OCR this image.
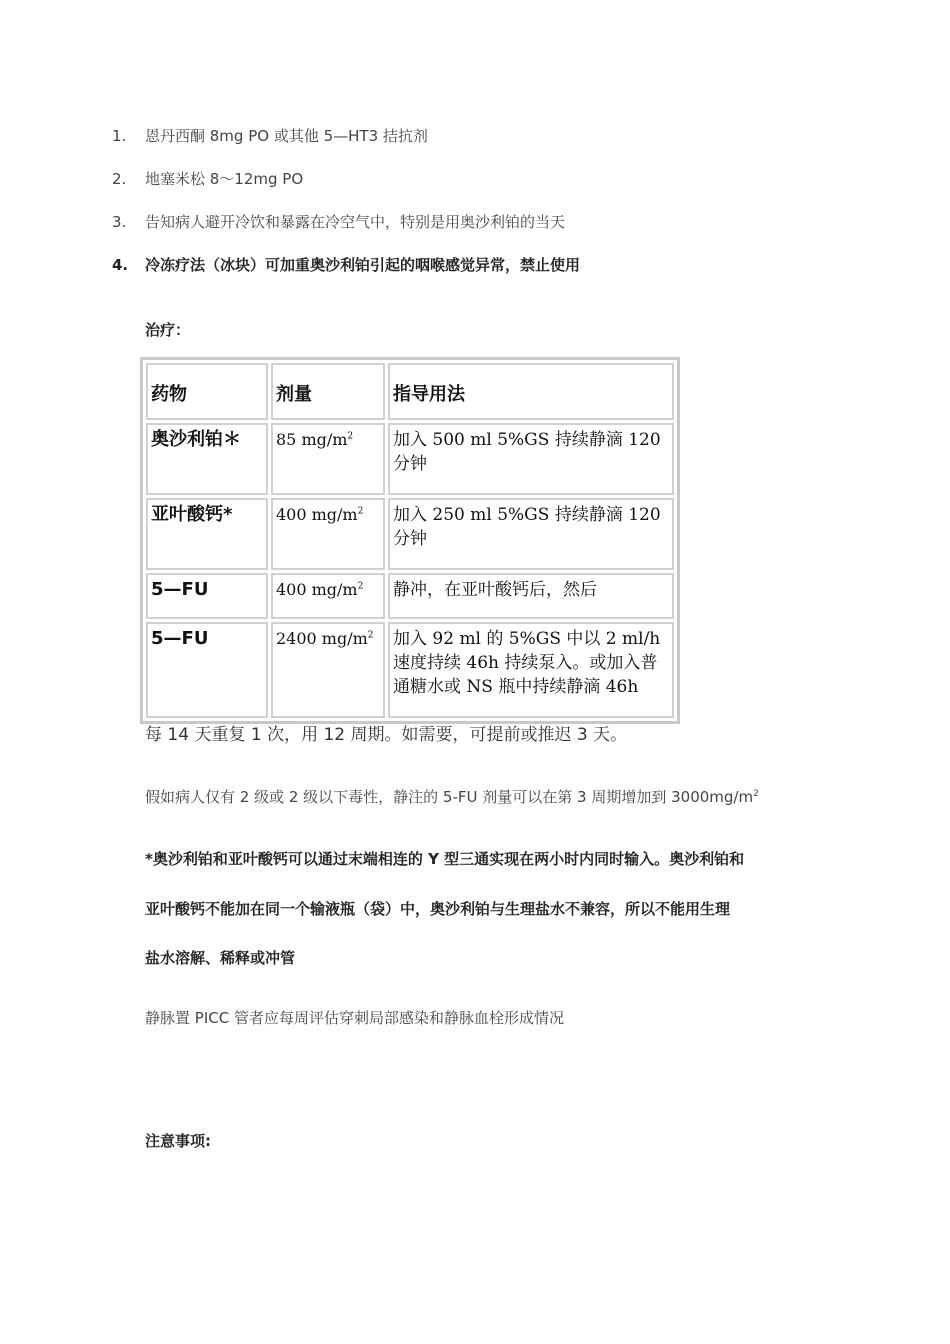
1.	恩丹西酮 8mg PO 或其他 5—HT3 拮抗剂
2.	地塞米松 8～12mg PO
3.	告知病人避开冷饮和暴露在冷空气中，特别是用奥沙利铂的当天
4.	冷冻疗法（冰块）可加重奥沙利铂引起的咽喉感觉异常，禁止使用
治疗：
药物	剂量	指导用法
奥沙利铂＊	85 $mg/m^2$	加入 500 ml 5%GS 持续静滴 120 分钟
亚叶酸钙*	400 $mg/m^2$	加入 250 ml 5%GS 持续静滴 120 分钟
5—FU	400 $mg/m^2$	静冲，在亚叶酸钙后，然后
5—FU	2400 $mg/m^2$	加入 92 ml 的 5%GS 中以 2 ml/h 速度持续 46h 持续泵入。或加入普通糖水或 NS 瓶中持续静滴 46h
每 14 天重复 1 次，用 12 周期。如需要，可提前或推迟 3 天。
假如病人仅有 2 级或 2 级以下毒性，静注的 5-FU 剂量可以在第 3 周期增加到 $3000mg/m^2$
*奥沙利铂和亚叶酸钙可以通过末端相连的 Y 型三通实现在两小时内同时输入。奥沙利铂和
亚叶酸钙不能加在同一个输液瓶（袋）中，奥沙利铂与生理盐水不兼容，所以不能用生理
盐水溶解、稀释或冲管
静脉置 PICC 管者应每周评估穿刺局部感染和静脉血栓形成情况
注意事项:
